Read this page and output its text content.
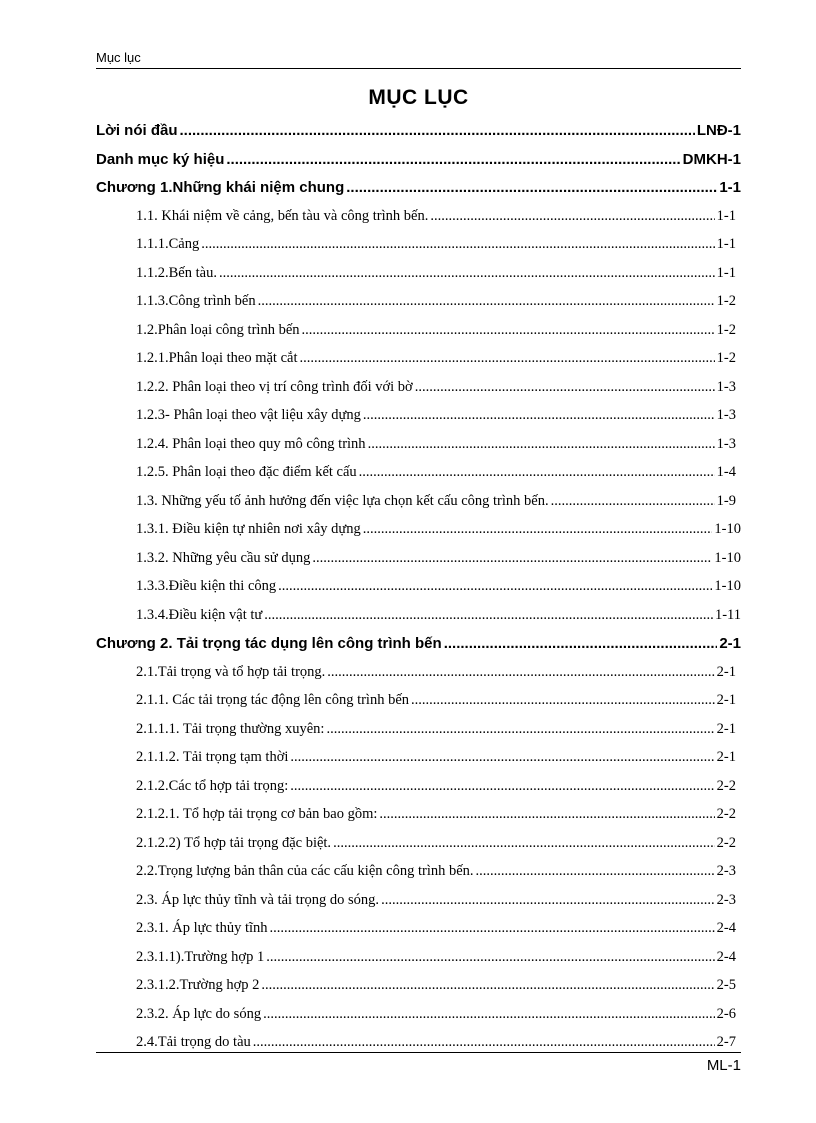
Mục lục
MỤC LỤC
Lời nói đầu .....	LNĐ-1
Danh mục ký hiệu .....	DMKH-1
Chương 1.Những khái niệm chung .....	1-1
1.1. Khái niệm về cảng, bến tàu và công trình bến. .....	1-1
1.1.1.Cảng .....	1-1
1.1.2.Bến tàu. .....	1-1
1.1.3.Công trình bến .....	1-2
1.2.Phân loại công trình bến .....	1-2
1.2.1.Phân loại theo mặt cắt .....	1-2
1.2.2. Phân loại theo vị trí công trình đối với bờ .....	1-3
1.2.3- Phân loại theo vật liệu xây dựng .....	1-3
1.2.4. Phân loại theo quy mô công trình .....	1-3
1.2.5. Phân loại theo đặc điểm kết cấu .....	1-4
1.3. Những yếu tố ảnh hưởng đến việc lựa chọn kết cấu công trình bến. .....	1-9
1.3.1. Điều kiện tự nhiên nơi xây dựng .....	1-10
1.3.2. Những yêu cầu sử dụng .....	1-10
1.3.3.Điều kiện thi công .....	1-10
1.3.4.Điều kiện vật tư .....	1-11
Chương 2. Tải trọng tác dụng lên công trình bến .....	2-1
2.1.Tải trọng và tổ hợp tải trọng. .....	2-1
2.1.1. Các tải trọng tác động lên công trình bến .....	2-1
2.1.1.1. Tải trọng thường xuyên: .....	2-1
2.1.1.2. Tải trọng tạm thời .....	2-1
2.1.2.Các tổ hợp tải trọng: .....	2-2
2.1.2.1. Tổ hợp tải trọng cơ bản bao gồm: .....	2-2
2.1.2.2) Tổ hợp tải trọng đặc biệt. .....	2-2
2.2.Trọng lượng bản thân của các cấu kiện công trình bến. .....	2-3
2.3. Áp lực thủy tĩnh và tải trọng do sóng. .....	2-3
2.3.1. Áp lực thủy tĩnh .....	2-4
2.3.1.1).Trường hợp 1 .....	2-4
2.3.1.2.Trường hợp 2 .....	2-5
2.3.2. Áp lực do sóng .....	2-6
2.4.Tải trọng do tàu .....	2-7
ML-1
